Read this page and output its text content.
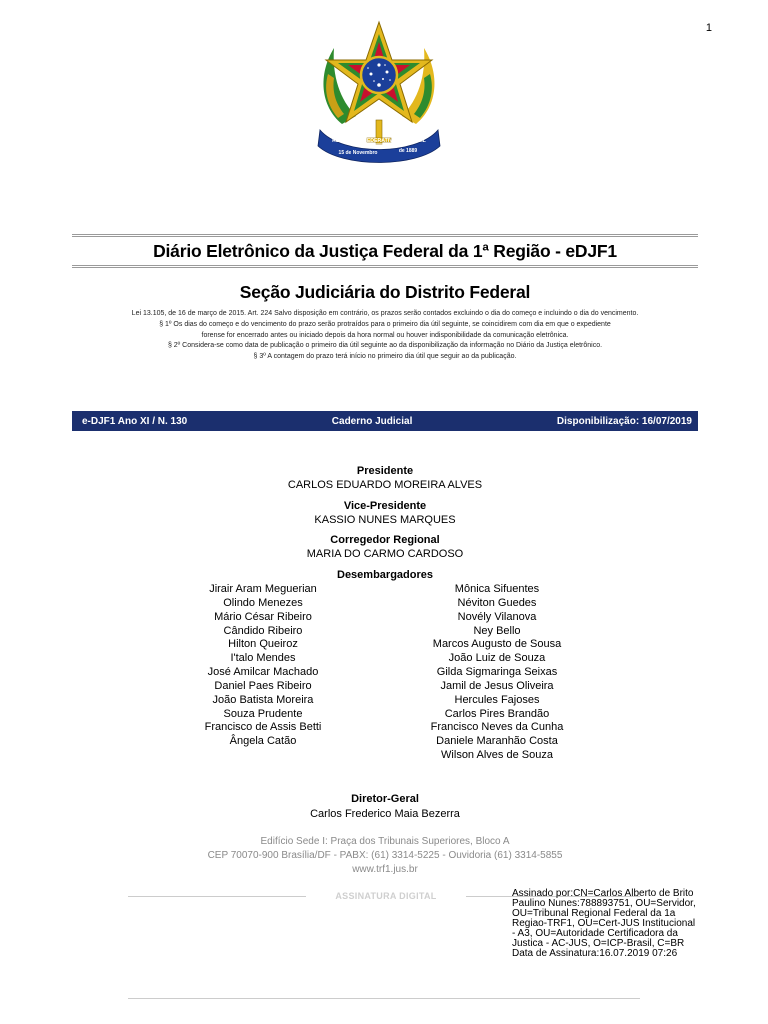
1
REPÚBLICA FEDERATIVA DO BRASIL
15 de Novembro	de 1889
Diário Eletrônico da Justiça Federal da 1ª Região - eDJF1
Seção Judiciária do Distrito Federal
Lei 13.105, de 16 de março de 2015. Art. 224 Salvo disposição em contrário, os prazos serão contados excluindo o dia do começo e incluindo o dia do vencimento.
§ 1º Os dias do começo e do vencimento do prazo serão protraídos para o primeiro dia útil seguinte, se coincidirem com dia em que o expediente
forense for encerrado antes ou iniciado depois da hora normal ou houver indisponibilidade da comunicação eletrônica.
§ 2º Considera-se como data de publicação o primeiro dia útil seguinte ao da disponibilização da informação no Diário da Justiça eletrônico.
§ 3º A contagem do prazo terá início no primeiro dia útil que seguir ao da publicação.
e-DJF1 Ano XI / N. 130	Caderno Judicial	Disponibilização: 16/07/2019
Presidente
CARLOS EDUARDO MOREIRA ALVES
Vice-Presidente
KASSIO NUNES MARQUES
Corregedor Regional
MARIA DO CARMO CARDOSO
Desembargadores
Jirair Aram Meguerian
Olindo Menezes
Mário César Ribeiro
Cândido Ribeiro
Hilton Queiroz
I'talo Mendes
José Amilcar Machado
Daniel Paes Ribeiro
João Batista Moreira
Souza Prudente
Francisco de Assis Betti
Ângela Catão
Mônica Sifuentes
Néviton Guedes
Novély Vilanova
Ney Bello
Marcos Augusto de Sousa
João Luiz de Souza
Gilda Sigmaringa Seixas
Jamil de Jesus Oliveira
Hercules Fajoses
Carlos Pires Brandão
Francisco Neves da Cunha
Daniele Maranhão Costa
Wilson Alves de Souza
Diretor-Geral
Carlos Frederico Maia Bezerra
Edifício Sede I: Praça dos Tribunais Superiores, Bloco A
CEP 70070-900 Brasília/DF - PABX: (61) 3314-5225 - Ouvidoria (61) 3314-5855
www.trf1.jus.br
ASSINATURA DIGITAL	Assinado por:CN=Carlos Alberto de Brito
Paulino Nunes:788893751, OU=Servidor,
OU=Tribunal Regional Federal da 1a
Regiao-TRF1, OU=Cert-JUS Institucional
- A3, OU=Autoridade Certificadora da
Justica - AC-JUS, O=ICP-Brasil, C=BR
Data de Assinatura:16.07.2019 07:26
